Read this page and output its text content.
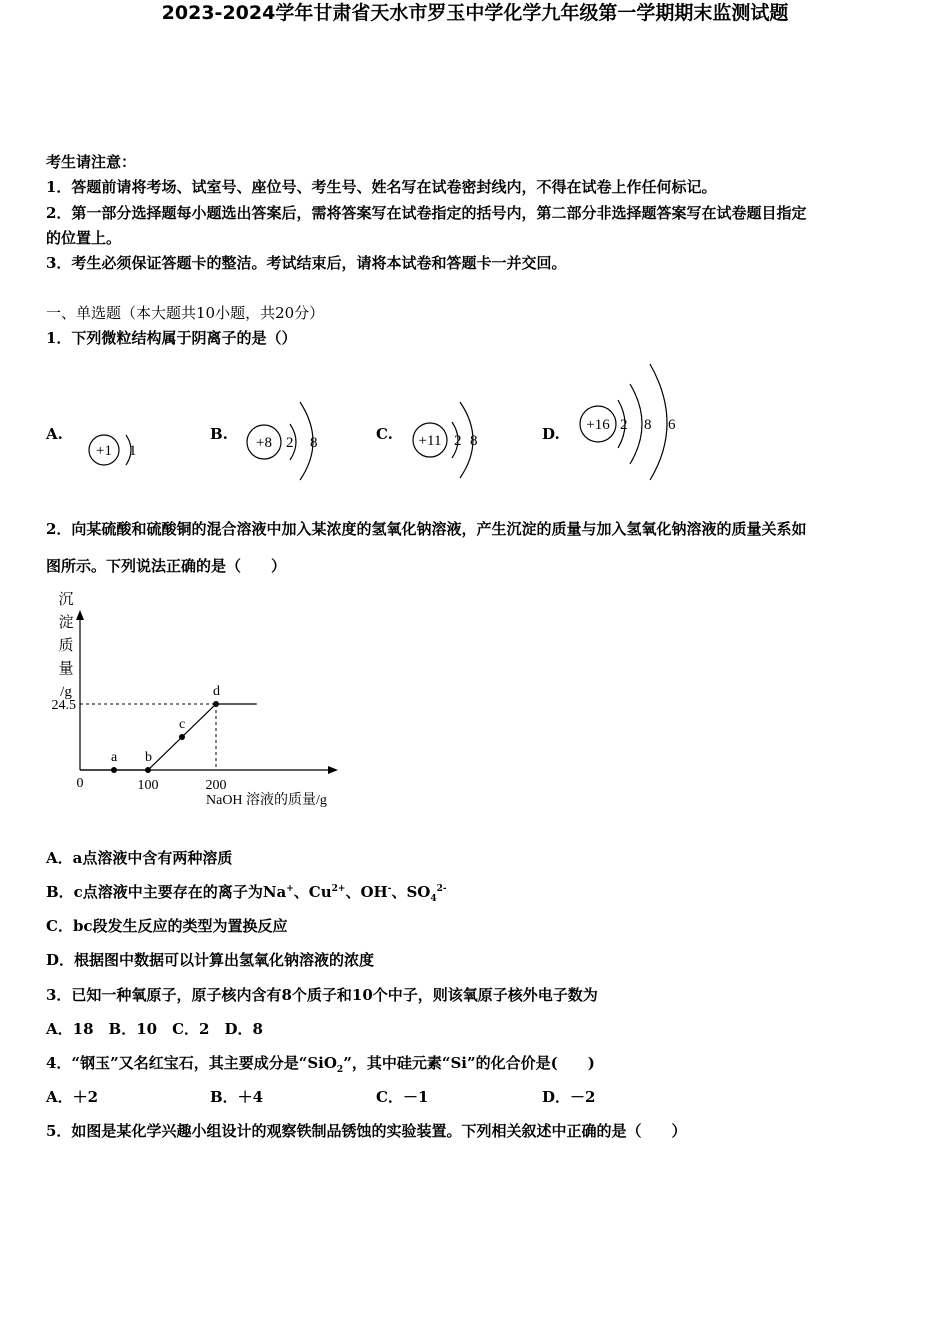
2023-2024学年甘肃省天水市罗玉中学化学九年级第一学期期末监测试题
考生请注意：
1．答题前请将考场、试室号、座位号、考生号、姓名写在试卷密封线内，不得在试卷上作任何标记。
2．第一部分选择题每小题选出答案后，需将答案写在试卷指定的括号内，第二部分非选择题答案写在试卷题目指定
的位置上。
3．考生必须保证答题卡的整洁。考试结束后，请将本试卷和答题卡一并交回。
一、单选题（本大题共10小题，共20分）
1．下列微粒结构属于阴离子的是（）
A.
+1 1
B. +8 2 8	C. +11 2 8	D. +16 2 8 6
2．向某硫酸和硫酸铜的混合溶液中加入某浓度的氢氧化钠溶液，产生沉淀的质量与加入氢氧化钠溶液的质量关系如
图所示。下列说法正确的是（　　）
沉
淀
质
量
/g
0	100	200
24.5
a b
c
d
NaOH 溶液的质量/g
A．a点溶液中含有两种溶质
B．c点溶液中主要存在的离子为Na+、$Cu^{2+}$、OH-、$SO_4^{2-}$
C．bc段发生反应的类型为置换反应
D．根据图中数据可以计算出氢氧化钠溶液的浓度
3．已知一种氧原子，原子核内含有8个质子和10个中子，则该氧原子核外电子数为
A．18　B．10　C．2　D．8
4．“钢玉”又名红宝石，其主要成分是“SiO$_2$”，其中硅元素“Si”的化合价是(　　)
A．＋2	B．＋4	C．－1	D．－2
5．如图是某化学兴趣小组设计的观察铁制品锈蚀的实验装置。下列相关叙述中正确的是（　　）
